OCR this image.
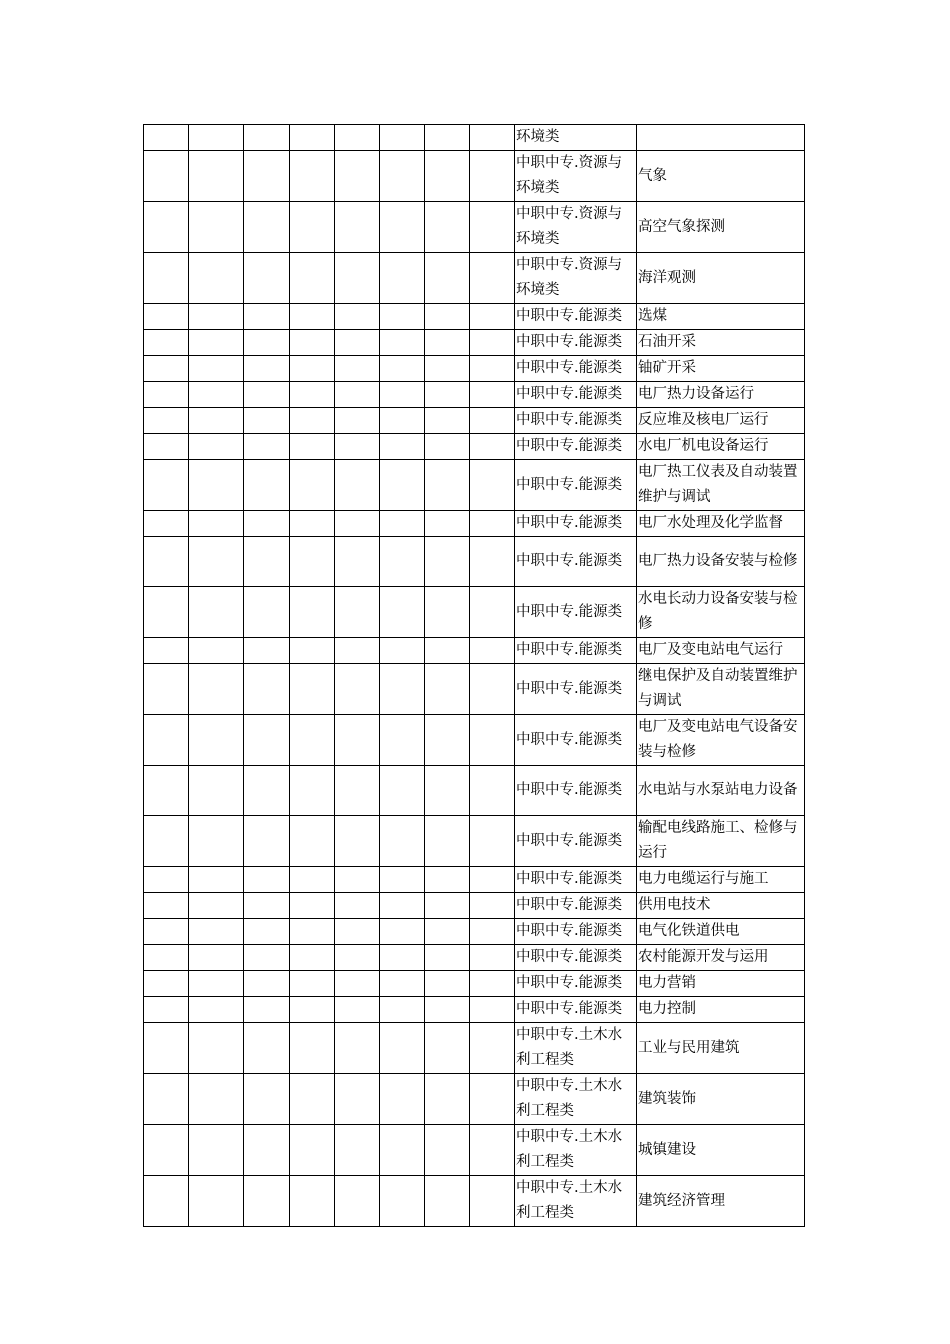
								环境类	
								中职中专.资源与环境类	气象
								中职中专.资源与环境类	高空气象探测
								中职中专.资源与环境类	海洋观测
								中职中专.能源类	选煤
								中职中专.能源类	石油开采
								中职中专.能源类	铀矿开采
								中职中专.能源类	电厂热力设备运行
								中职中专.能源类	反应堆及核电厂运行
								中职中专.能源类	水电厂机电设备运行
								中职中专.能源类	电厂热工仪表及自动装置维护与调试
								中职中专.能源类	电厂水处理及化学监督
								中职中专.能源类	电厂热力设备安装与检修
								中职中专.能源类	水电长动力设备安装与检修
								中职中专.能源类	电厂及变电站电气运行
								中职中专.能源类	继电保护及自动装置维护与调试
								中职中专.能源类	电厂及变电站电气设备安装与检修
								中职中专.能源类	水电站与水泵站电力设备
								中职中专.能源类	输配电线路施工、检修与运行
								中职中专.能源类	电力电缆运行与施工
								中职中专.能源类	供用电技术
								中职中专.能源类	电气化铁道供电
								中职中专.能源类	农村能源开发与运用
								中职中专.能源类	电力营销
								中职中专.能源类	电力控制
								中职中专.土木水利工程类	工业与民用建筑
								中职中专.土木水利工程类	建筑装饰
								中职中专.土木水利工程类	城镇建设
								中职中专.土木水利工程类	建筑经济管理
